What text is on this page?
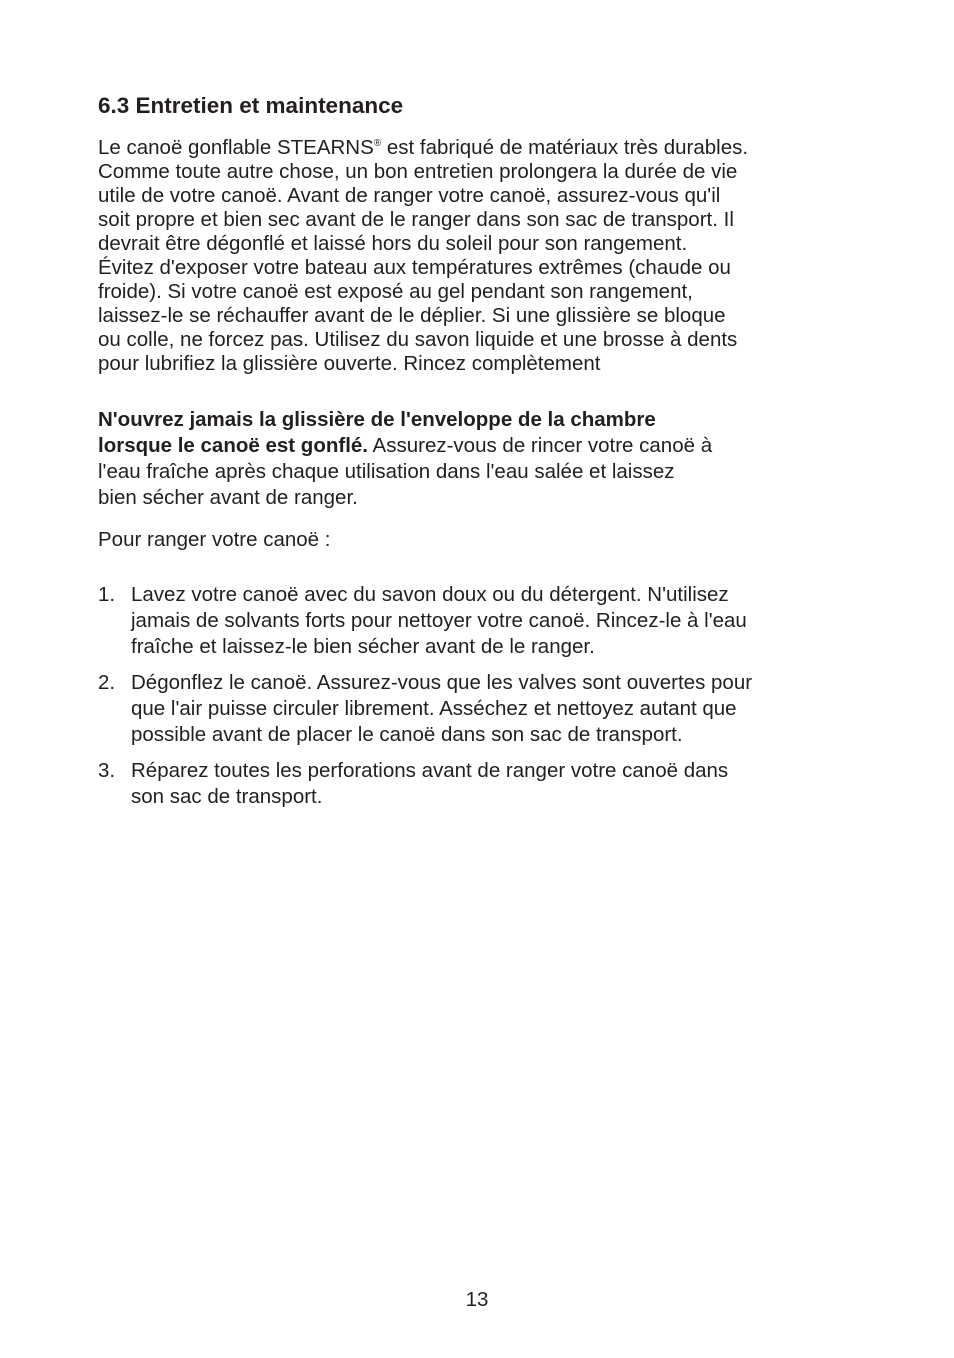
6.3 Entretien et maintenance

Le canoë gonflable STEARNS® est fabriqué de matériaux très durables.
Comme toute autre chose, un bon entretien prolongera la durée de vie
utile de votre canoë. Avant de ranger votre canoë, assurez-vous qu'il
soit propre et bien sec avant de le ranger dans son sac de transport. Il
devrait être dégonflé et laissé hors du soleil pour son rangement.
Évitez d'exposer votre bateau aux températures extrêmes (chaude ou
froide). Si votre canoë est exposé au gel pendant son rangement,
laissez-le se réchauffer avant de le déplier. Si une glissière se bloque
ou colle, ne forcez pas. Utilisez du savon liquide et une brosse à dents
pour lubrifiez la glissière ouverte. Rincez complètement

N'ouvrez jamais la glissière de l'enveloppe de la chambre
lorsque le canoë est gonflé. Assurez-vous de rincer votre canoë à
l'eau fraîche après chaque utilisation dans l'eau salée et laissez
bien sécher avant de ranger.

Pour ranger votre canoë :

1. Lavez votre canoë avec du savon doux ou du détergent. N'utilisez
jamais de solvants forts pour nettoyer votre canoë. Rincez-le à l'eau
fraîche et laissez-le bien sécher avant de le ranger.
2. Dégonflez le canoë. Assurez-vous que les valves sont ouvertes pour
que l'air puisse circuler librement. Asséchez et nettoyez autant que
possible avant de placer le canoë dans son sac de transport.
3. Réparez toutes les perforations avant de ranger votre canoë dans
son sac de transport.
13
